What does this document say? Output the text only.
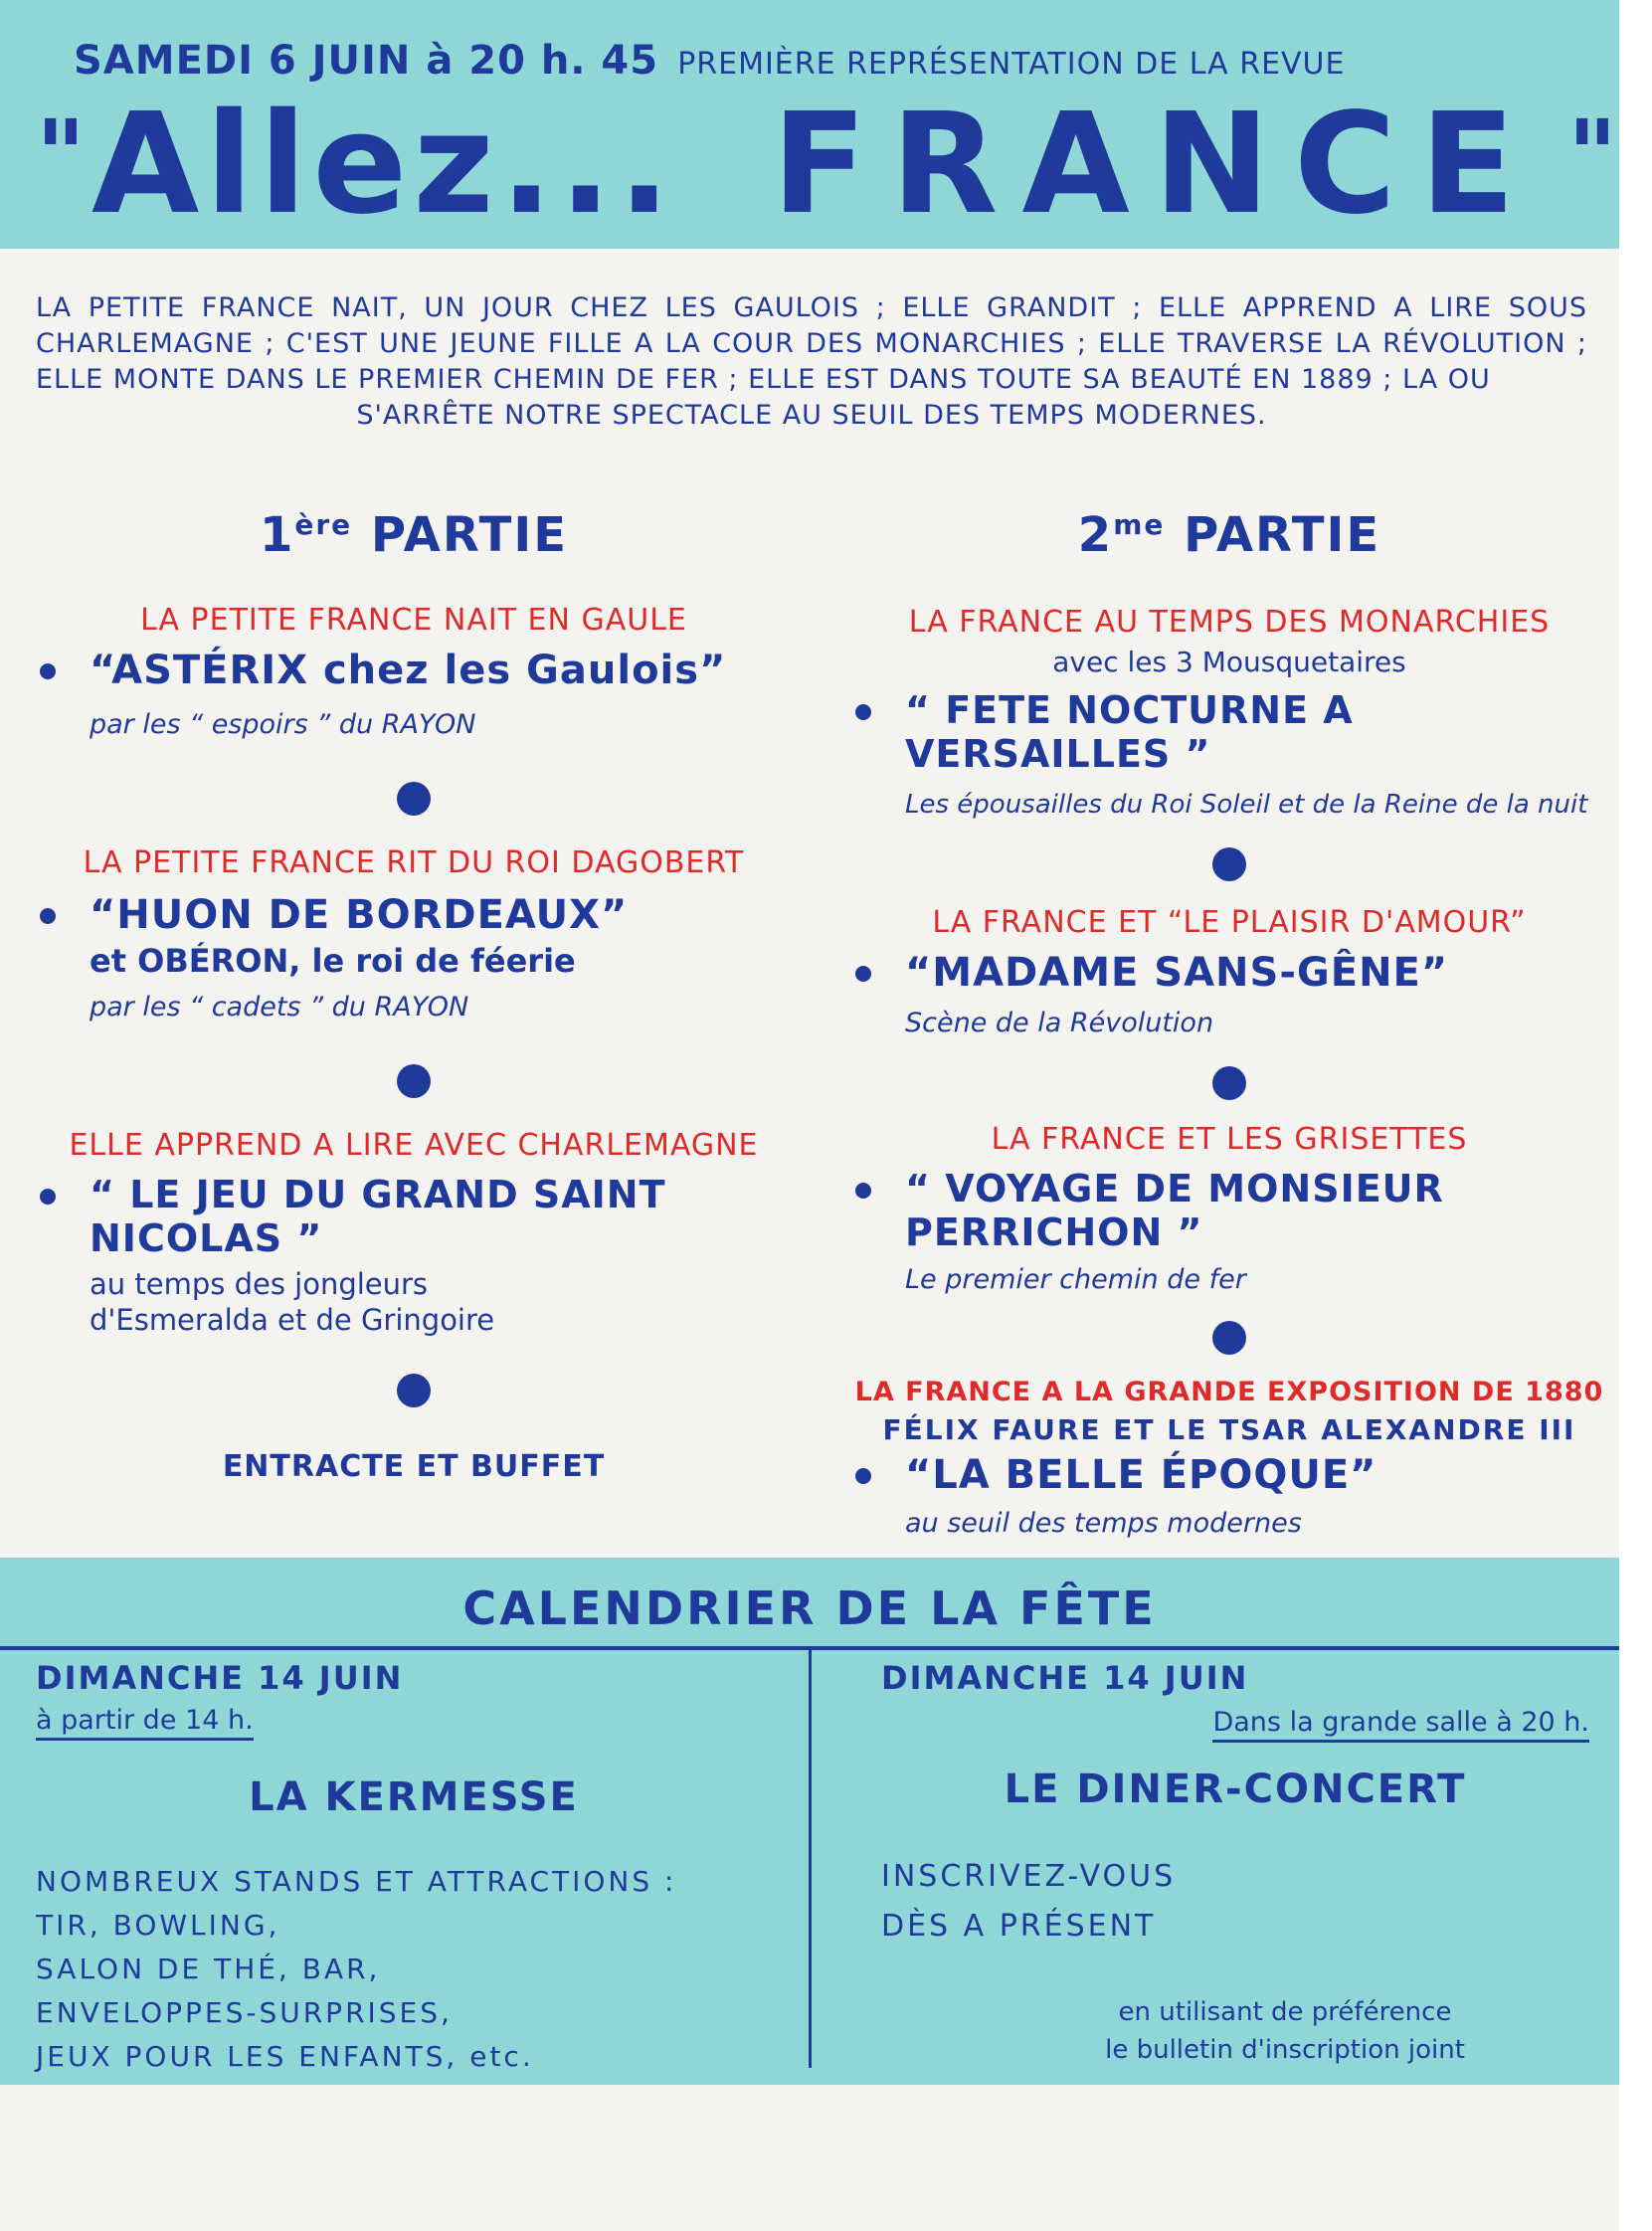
SAMEDI 6 JUIN à 20 h. 45 PREMIÈRE REPRÉSENTATION DE LA REVUE
" Allez... FRANCE "
LA PETITE FRANCE NAIT, UN JOUR CHEZ LES GAULOIS ; ELLE GRANDIT ; ELLE APPREND A LIRE SOUS CHARLEMAGNE ; C'EST UNE JEUNE FILLE A LA COUR DES MONARCHIES ; ELLE TRAVERSE LA RÉVOLUTION ; ELLE MONTE DANS LE PREMIER CHEMIN DE FER ; ELLE EST DANS TOUTE SA BEAUTÉ EN 1889 ; LA OU
S'ARRÊTE NOTRE SPECTACLE AU SEUIL DES TEMPS MODERNES.
1ère PARTIE
LA PETITE FRANCE NAIT EN GAULE
“ASTÉRIX chez les Gaulois”
par les “ espoirs ” du RAYON
LA PETITE FRANCE RIT DU ROI DAGOBERT
“HUON DE BORDEAUX”
et OBÉRON, le roi de féerie
par les “ cadets ” du RAYON
ELLE APPREND A LIRE AVEC CHARLEMAGNE
“ LE JEU DU GRAND SAINT NICOLAS ”
au temps des jongleurs
d'Esmeralda et de Gringoire
ENTRACTE ET BUFFET
$2^{me}$ PARTIE
LA FRANCE AU TEMPS DES MONARCHIES
avec les 3 Mousquetaires
“ FETE NOCTURNE A VERSAILLES ”
Les épousailles du Roi Soleil et de la Reine de la nuit
LA FRANCE ET “LE PLAISIR D'AMOUR”
“MADAME SANS-GÊNE”
Scène de la Révolution
LA FRANCE ET LES GRISETTES
“ VOYAGE DE MONSIEUR PERRICHON ”
Le premier chemin de fer
LA FRANCE A LA GRANDE EXPOSITION DE 1880
FÉLIX FAURE ET LE TSAR ALEXANDRE III
“LA BELLE ÉPOQUE”
au seuil des temps modernes
CALENDRIER DE LA FÊTE
DIMANCHE 14 JUIN
à partir de 14 h.
LA KERMESSE
NOMBREUX STANDS ET ATTRACTIONS :
TIR, BOWLING,
SALON DE THÉ, BAR,
ENVELOPPES-SURPRISES,
JEUX POUR LES ENFANTS, etc.
DIMANCHE 14 JUIN
Dans la grande salle à 20 h.
LE DINER-CONCERT
INSCRIVEZ-VOUS
DÈS A PRÉSENT
en utilisant de préférence
le bulletin d'inscription joint
